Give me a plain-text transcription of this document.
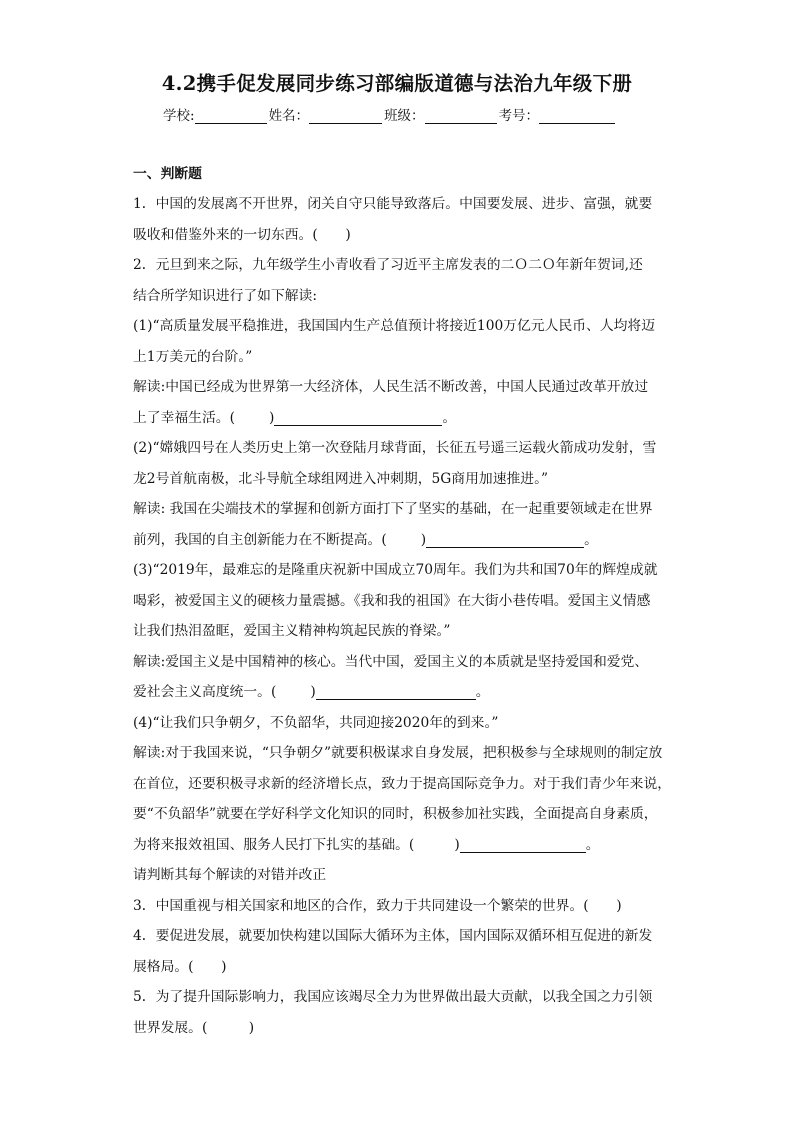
4.2携手促发展同步练习部编版道德与法治九年级下册
学校:	姓名：	班级：	考号：
一、判断题
1．中国的发展离不开世界，闭关自守只能导致落后。中国要发展、进步、富强，就要
吸收和借鉴外来的一切东西。(　　)
2．元旦到来之际，九年级学生小青收看了习近平主席发表的二Ｏ二Ｏ年新年贺词,还
结合所学知识进行了如下解读:
(1)“高质量发展平稳推进，我国国内生产总值预计将接近100万亿元人民币、人均将迈
上1万美元的台阶。”
解读:中国已经成为世界第一大经济体，人民生活不断改善，中国人民通过改革开放过
上了幸福生活。( )	。
(2)“嫦娥四号在人类历史上第一次登陆月球背面，长征五号遥三运载火箭成功发射，雪
龙2号首航南极，北斗导航全球组网进入冲刺期，5G商用加速推进。”
解读: 我国在尖端技术的掌握和创新方面打下了坚实的基础，在一起重要领域走在世界
前列，我国的自主创新能力在不断提高。( )	。
(3)“2019年，最难忘的是隆重庆祝新中国成立70周年。我们为共和国70年的辉煌成就
喝彩，被爱国主义的硬核力量震撼。《我和我的祖国》在大街小巷传唱。爱国主义情感
让我们热泪盈眶，爱国主义精神构筑起民族的脊梁。”
解读:爱国主义是中国精神的核心。当代中国，爱国主义的本质就是坚持爱国和爱党、
爱社会主义高度统一。( )	。
(4)“让我们只争朝夕，不负韶华，共同迎接2020年的到来。”
解读:对于我国来说，“只争朝夕”就要积极谋求自身发展，把积极参与全球规则的制定放
在首位，还要积极寻求新的经济增长点，致力于提高国际竞争力。对于我们青少年来说，
要“不负韶华”就要在学好科学文化知识的同时，积极参加社实践，全面提高自身素质，
为将来报效祖国、服务人民打下扎实的基础。(	)	。
请判断其每个解读的对错并改正
3．中国重视与相关国家和地区的合作，致力于共同建设一个繁荣的世界。(　　)
4．要促进发展，就要加快构建以国际大循环为主体，国内国际双循环相互促进的新发
展格局。(　　)
5．为了提升国际影响力，我国应该竭尽全力为世界做出最大贡献，以我全国之力引领
世界发展。(　　　)
